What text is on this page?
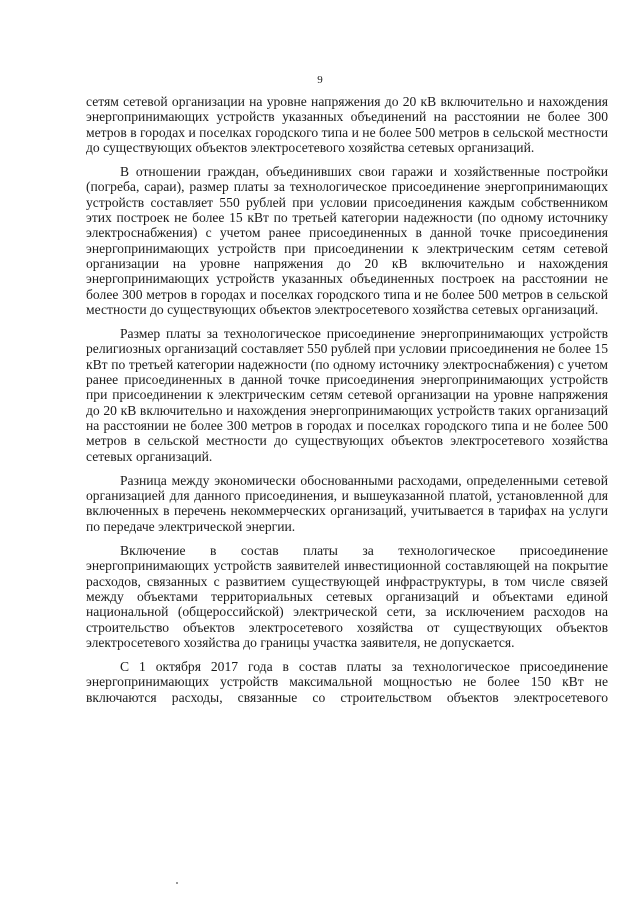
9

сетям сетевой организации на уровне напряжения до 20 кВ включительно и нахождения энергопринимающих устройств указанных объединений на расстоянии не более 300 метров в городах и поселках городского типа и не более 500 метров в сельской местности до существующих объектов электросетевого хозяйства сетевых организаций.

В отношении граждан, объединивших свои гаражи и хозяйственные постройки (погреба, сараи), размер платы за технологическое присоединение энергопринимающих устройств составляет 550 рублей при условии присоединения каждым собственником этих построек не более 15 кВт по третьей категории надежности (по одному источнику электроснабжения) с учетом ранее присоединенных в данной точке присоединения энергопринимающих устройств при присоединении к электрическим сетям сетевой организации на уровне напряжения до 20 кВ включительно и нахождения энергопринимающих устройств указанных объединенных построек на расстоянии не более 300 метров в городах и поселках городского типа и не более 500 метров в сельской местности до существующих объектов электросетевого хозяйства сетевых организаций.

Размер платы за технологическое присоединение энергопринимающих устройств религиозных организаций составляет 550 рублей при условии присоединения не более 15 кВт по третьей категории надежности (по одному источнику электроснабжения) с учетом ранее присоединенных в данной точке присоединения энергопринимающих устройств при присоединении к электрическим сетям сетевой организации на уровне напряжения до 20 кВ включительно и нахождения энергопринимающих устройств таких организаций на расстоянии не более 300 метров в городах и поселках городского типа и не более 500 метров в сельской местности до существующих объектов электросетевого хозяйства сетевых организаций.

Разница между экономически обоснованными расходами, определенными сетевой организацией для данного присоединения, и вышеуказанной платой, установленной для включенных в перечень некоммерческих организаций, учитывается в тарифах на услуги по передаче электрической энергии.

Включение в состав платы за технологическое присоединение энергопринимающих устройств заявителей инвестиционной составляющей на покрытие расходов, связанных с развитием существующей инфраструктуры, в том числе связей между объектами территориальных сетевых организаций и объектами единой национальной (общероссийской) электрической сети, за исключением расходов на строительство объектов электросетевого хозяйства от существующих объектов электросетевого хозяйства до границы участка заявителя, не допускается.

С 1 октября 2017 года в состав платы за технологическое присоединение энергопринимающих устройств максимальной мощностью не более 150 кВт не включаются расходы, связанные со строительством объектов электросетевого
